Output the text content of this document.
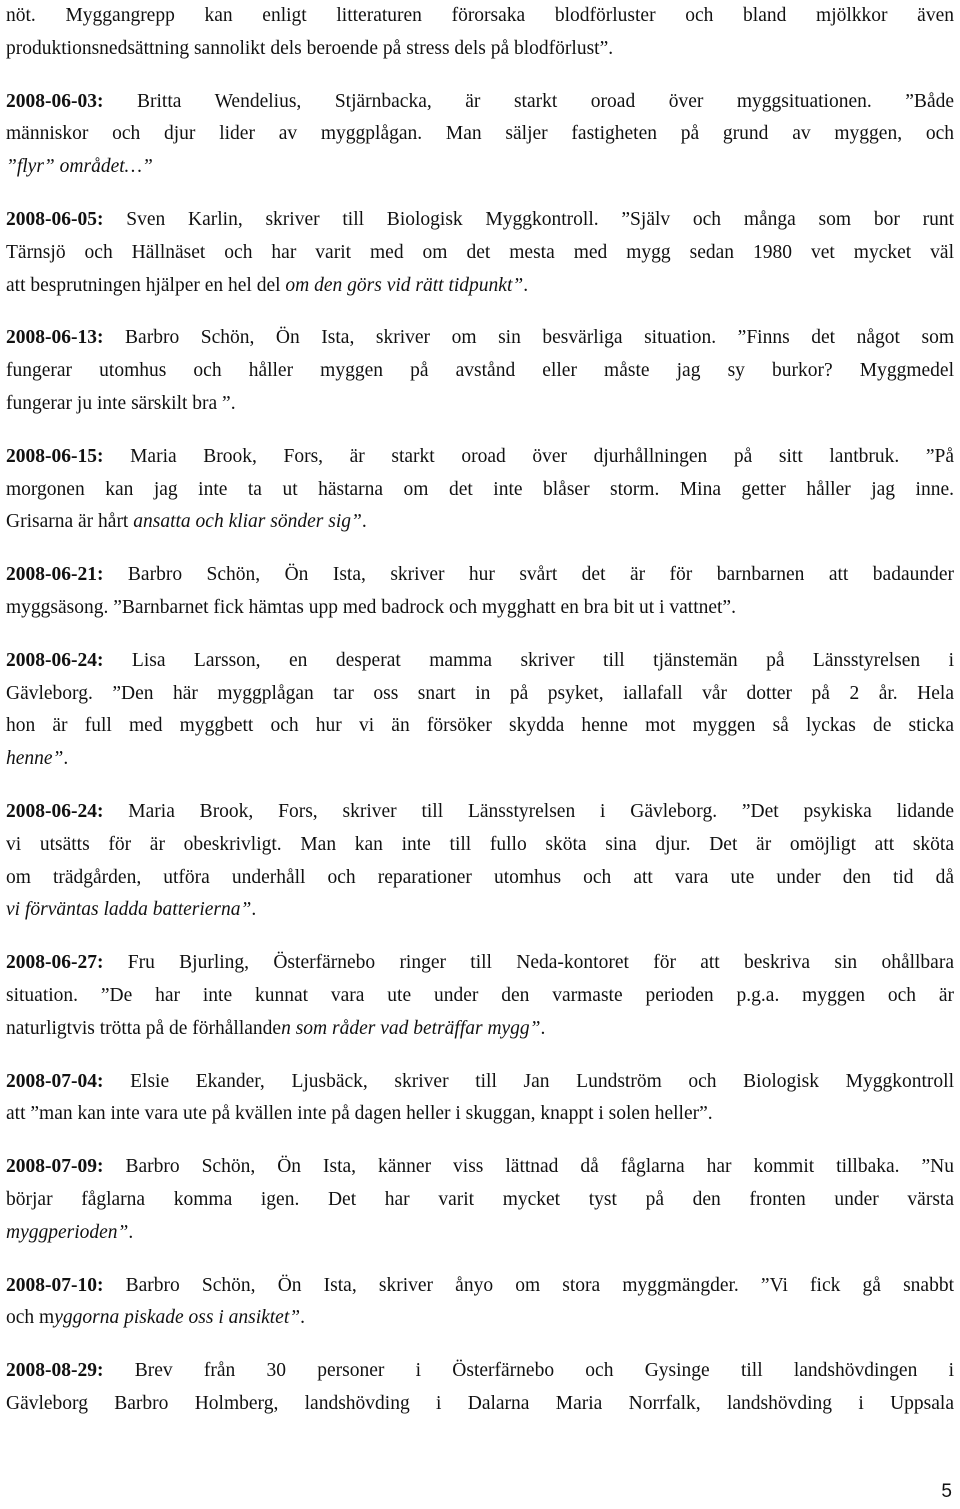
nöt. Myggangrepp kan enligt litteraturen förorsaka blodförluster och bland mjölkkor även
produktionsnedsättning sannolikt dels beroende på stress dels på blodförlust”.
2008-06-03: Britta Wendelius, Stjärnbacka, är starkt oroad över myggsituationen. ”Både
människor och djur lider av myggplågan. Man säljer fastigheten på grund av myggen, och
”flyr” området…”
2008-06-05: Sven Karlin, skriver till Biologisk Myggkontroll. ”Själv och många som bor runt
Tärnsjö och Hällnäset och har varit med om det mesta med mygg sedan 1980 vet mycket väl
att besprutningen hjälper en hel del om den görs vid rätt tidpunkt”.
2008-06-13: Barbro Schön, Ön Ista, skriver om sin besvärliga situation. ”Finns det något som
fungerar utomhus och håller myggen på avstånd eller måste jag sy burkor? Myggmedel
fungerar ju inte särskilt bra ”.
2008-06-15: Maria Brook, Fors, är starkt oroad över djurhållningen på sitt lantbruk. ”På
morgonen kan jag inte ta ut hästarna om det inte blåser storm. Mina getter håller jag inne.
Grisarna är hårt ansatta och kliar sönder sig”.
2008-06-21: Barbro Schön, Ön Ista, skriver hur svårt det är för barnbarnen att badaunder
myggsäsong. ”Barnbarnet fick hämtas upp med badrock och mygghatt en bra bit ut i vattnet”.
2008-06-24: Lisa Larsson, en desperat mamma skriver till tjänstemän på Länsstyrelsen i
Gävleborg. ”Den här myggplågan tar oss snart in på psyket, iallafall vår dotter på 2 år. Hela
hon är full med myggbett och hur vi än försöker skydda henne mot myggen så lyckas de sticka
henne”.
2008-06-24: Maria Brook, Fors, skriver till Länsstyrelsen i Gävleborg. ”Det psykiska lidande
vi utsätts för är obeskrivligt. Man kan inte till fullo sköta sina djur. Det är omöjligt att sköta
om trädgården, utföra underhåll och reparationer utomhus och att vara ute under den tid då
vi förväntas ladda batterierna”.
2008-06-27: Fru Bjurling, Österfärnebo ringer till Neda-kontoret för att beskriva sin ohållbara
situation. ”De har inte kunnat vara ute under den varmaste perioden p.g.a. myggen och är
naturligtvis trötta på de förhållanden som råder vad beträffar mygg”.
2008-07-04: Elsie Ekander, Ljusbäck, skriver till Jan Lundström och Biologisk Myggkontroll
att ”man kan inte vara ute på kvällen inte på dagen heller i skuggan, knappt i solen heller”.
2008-07-09: Barbro Schön, Ön Ista, känner viss lättnad då fåglarna har kommit tillbaka. ”Nu
börjar fåglarna komma igen. Det har varit mycket tyst på den fronten under värsta
myggperioden”.
2008-07-10: Barbro Schön, Ön Ista, skriver ånyo om stora myggmängder. ”Vi fick gå snabbt
och myggorna piskade oss i ansiktet”.
2008-08-29: Brev från 30 personer i Österfärnebo och Gysinge till landshövdingen i
Gävleborg Barbro Holmberg, landshövding i Dalarna Maria Norrfalk, landshövding i Uppsala
5
